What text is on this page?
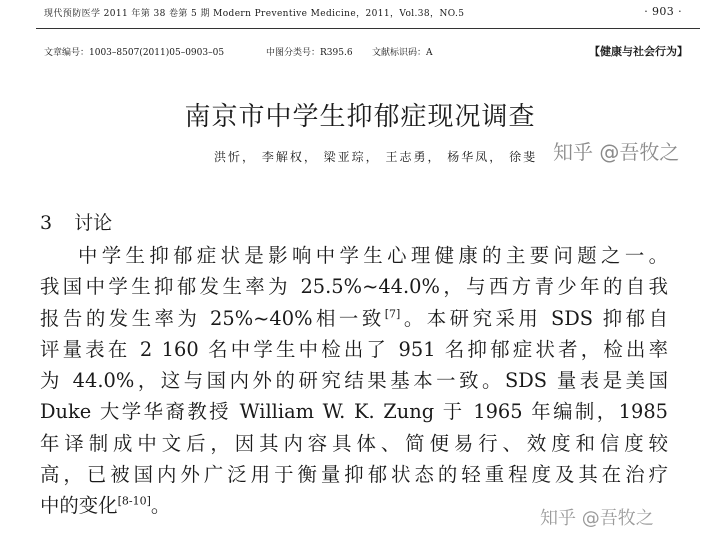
现代预防医学 2011 年第 38 卷第 5 期 Modern Preventive Medicine，2011，Vol.38，NO.5	· 903 ·
文章编号：1003–8507(2011)05–0903–05	中图分类号：R395.6 文献标识码：A	【健康与社会行为】
南京市中学生抑郁症现况调查
洪忻， 李解权， 梁亚琮， 王志勇， 杨华凤， 徐斐 知乎 @吾牧之
3 讨论
中学生抑郁症状是影响中学生心理健康的主要问题之一。
我国中学生抑郁发生率为 25.5%~44.0%，与西方青少年的自我
报告的发生率为 25%~40%相一致[7]。本研究采用 SDS 抑郁自
评量表在 2 160 名中学生中检出了 951 名抑郁症状者，检出率
为 44.0%，这与国内外的研究结果基本一致。SDS 量表是美国
Duke 大学华裔教授 William W. K. Zung 于 1965 年编制，1985
年译制成中文后，因其内容具体、简便易行、效度和信度较
高，已被国内外广泛用于衡量抑郁状态的轻重程度及其在治疗
中的变化[8-10]。
知乎 @吾牧之
